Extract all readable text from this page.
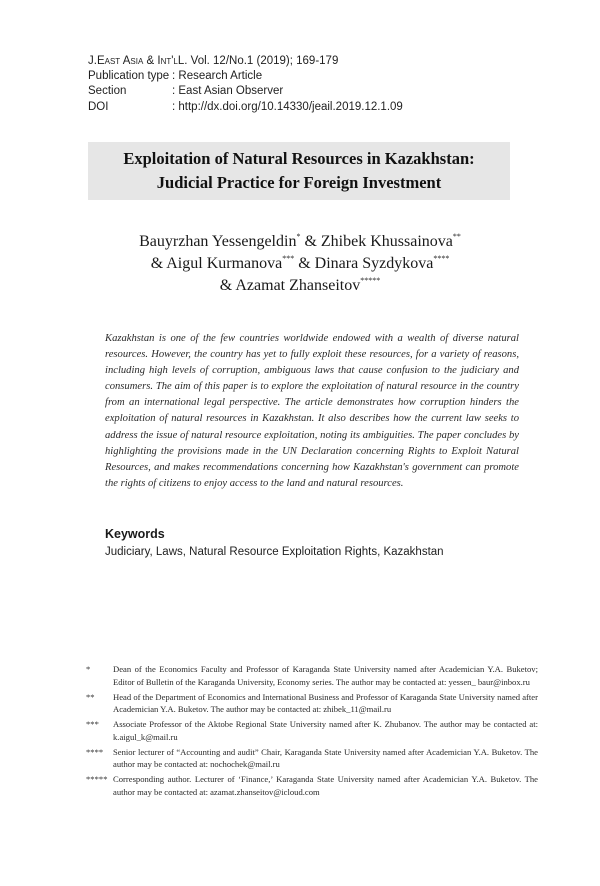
J. East Asia & Int'l L. Vol. 12/No.1 (2019); 169-179
Publication type : Research Article
Section	: East Asian Observer
DOI	: http://dx.doi.org/10.14330/jeail.2019.12.1.09
Exploitation of Natural Resources in Kazakhstan:
Judicial Practice for Foreign Investment
Bauyrzhan Yessengeldin* & Zhibek Khussainova**
& Aigul Kurmanova*** & Dinara Syzdykova****
& Azamat Zhanseitov*****
Kazakhstan is one of the few countries worldwide endowed with a wealth of diverse natural resources. However, the country has yet to fully exploit these resources, for a variety of reasons, including high levels of corruption, ambiguous laws that cause confusion to the judiciary and consumers. The aim of this paper is to explore the exploitation of natural resource in the country from an international legal perspective. The article demonstrates how corruption hinders the exploitation of natural resources in Kazakhstan. It also describes how the current law seeks to address the issue of natural resource exploitation, noting its ambiguities. The paper concludes by highlighting the provisions made in the UN Declaration concerning Rights to Exploit Natural Resources, and makes recommendations concerning how Kazakhstan's government can promote the rights of citizens to enjoy access to the land and natural resources.
Keywords
Judiciary, Laws, Natural Resource Exploitation Rights, Kazakhstan
*	Dean of the Economics Faculty and Professor of Karaganda State University named after Academician Y.A. Buketov; Editor of Bulletin of the Karaganda University, Economy series. The author may be contacted at: yessen_ baur@inbox.ru
**	Head of the Department of Economics and International Business and Professor of Karaganda State University named after Academician Y.A. Buketov. The author may be contacted at: zhibek_11@mail.ru
***	Associate Professor of the Aktobe Regional State University named after K. Zhubanov. The author may be contacted at: k.aigul_k@mail.ru
****	Senior lecturer of “Accounting and audit” Chair, Karaganda State University named after Academician Y.A. Buketov. The author may be contacted at: nochochek@mail.ru
***** Corresponding author. Lecturer of ‘Finance,’ Karaganda State University named after Academician Y.A. Buketov. The author may be contacted at: azamat.zhanseitov@icloud.com
